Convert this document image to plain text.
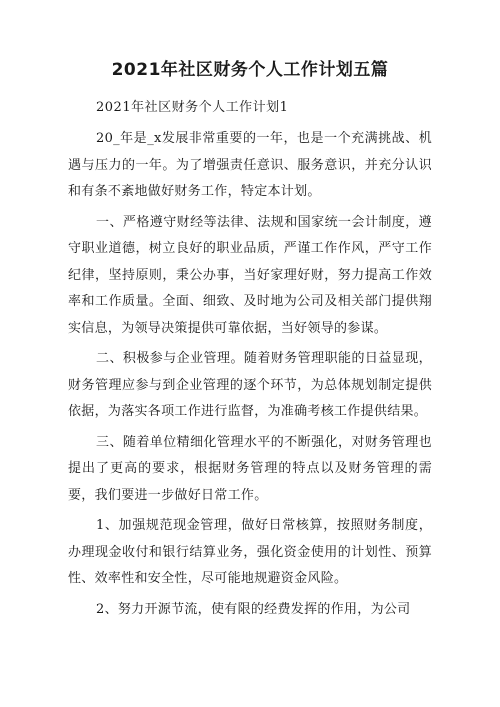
2021年社区财务个人工作计划五篇
2021年社区财务个人工作计划1

20_年是_x发展非常重要的一年，也是一个充满挑战、机遇与压力的一年。为了增强责任意识、服务意识，并充分认识和有条不紊地做好财务工作，特定本计划。

一、严格遵守财经等法律、法规和国家统一会计制度，遵守职业道德，树立良好的职业品质，严谨工作作风，严守工作纪律，坚持原则，秉公办事，当好家理好财，努力提高工作效率和工作质量。全面、细致、及时地为公司及相关部门提供翔实信息，为领导决策提供可靠依据，当好领导的参谋。

二、积极参与企业管理。随着财务管理职能的日益显现，财务管理应参与到企业管理的逐个环节，为总体规划制定提供依据，为落实各项工作进行监督，为准确考核工作提供结果。

三、随着单位精细化管理水平的不断强化，对财务管理也提出了更高的要求，根据财务管理的特点以及财务管理的需要，我们要进一步做好日常工作。

1、加强规范现金管理，做好日常核算，按照财务制度，办理现金收付和银行结算业务，强化资金使用的计划性、预算性、效率性和安全性，尽可能地规避资金风险。

2、努力开源节流，使有限的经费发挥的作用，为公司
